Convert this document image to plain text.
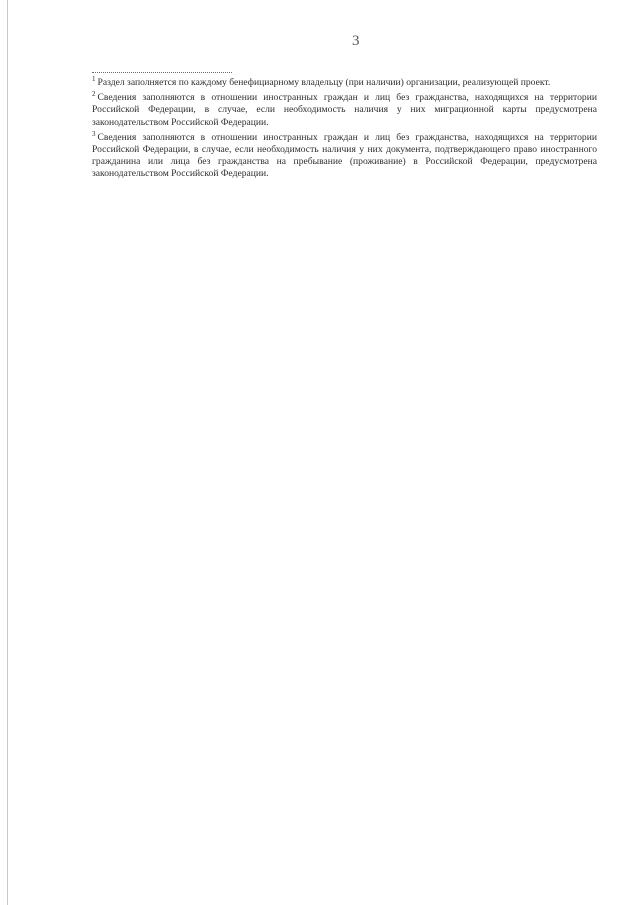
3

$^1$ Раздел заполняется по каждому бенефициарному владельцу (при наличии) организации, реализующей проект.

$^2$ Сведения заполняются в отношении иностранных граждан и лиц без гражданства, находящихся на территории Российской Федерации, в случае, если необходимость наличия у них миграционной карты предусмотрена законодательством Российской Федерации.

$^3$ Сведения заполняются в отношении иностранных граждан и лиц без гражданства, находящихся на территории Российской Федерации, в случае, если необходимость наличия у них документа, подтверждающего право иностранного гражданина или лица без гражданства на пребывание (проживание) в Российской Федерации, предусмотрена законодательством Российской Федерации.
